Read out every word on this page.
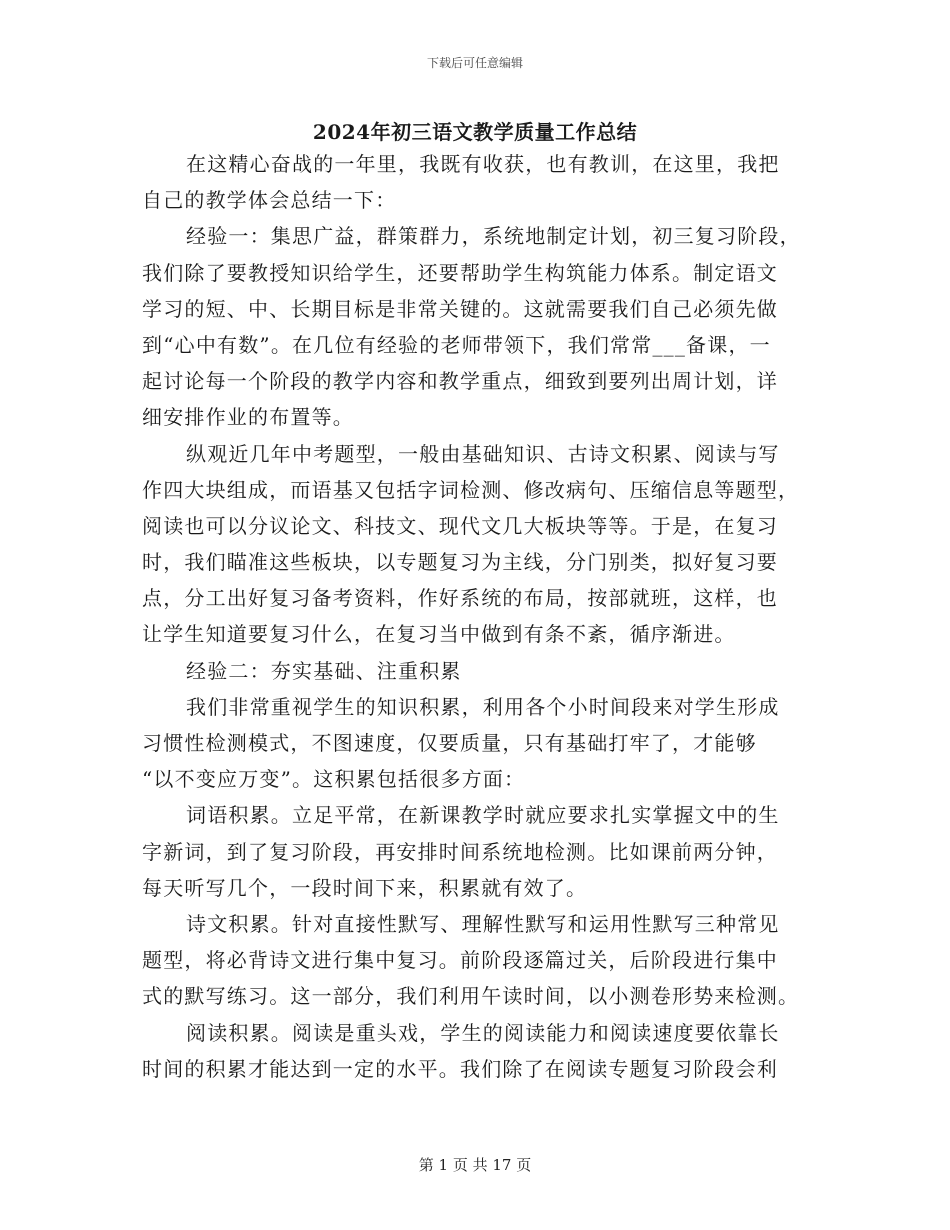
下载后可任意编辑
2024年初三语文教学质量工作总结
在这精心奋战的一年里，我既有收获，也有教训，在这里，我把
自己的教学体会总结一下：
经验一：集思广益，群策群力，系统地制定计划，初三复习阶段，
我们除了要教授知识给学生，还要帮助学生构筑能力体系。制定语文
学习的短、中、长期目标是非常关键的。这就需要我们自己必须先做
到“心中有数”。在几位有经验的老师带领下，我们常常___备课，一
起讨论每一个阶段的教学内容和教学重点，细致到要列出周计划，详
细安排作业的布置等。
纵观近几年中考题型，一般由基础知识、古诗文积累、阅读与写
作四大块组成，而语基又包括字词检测、修改病句、压缩信息等题型，
阅读也可以分议论文、科技文、现代文几大板块等等。于是，在复习
时，我们瞄准这些板块，以专题复习为主线，分门别类，拟好复习要
点，分工出好复习备考资料，作好系统的布局，按部就班，这样，也
让学生知道要复习什么，在复习当中做到有条不紊，循序渐进。
经验二：夯实基础、注重积累
我们非常重视学生的知识积累，利用各个小时间段来对学生形成
习惯性检测模式，不图速度，仅要质量，只有基础打牢了，才能够
“以不变应万变”。这积累包括很多方面：
词语积累。立足平常，在新课教学时就应要求扎实掌握文中的生
字新词，到了复习阶段，再安排时间系统地检测。比如课前两分钟，
每天听写几个，一段时间下来，积累就有效了。
诗文积累。针对直接性默写、理解性默写和运用性默写三种常见
题型，将必背诗文进行集中复习。前阶段逐篇过关，后阶段进行集中
式的默写练习。这一部分，我们利用午读时间，以小测卷形势来检测。
阅读积累。阅读是重头戏，学生的阅读能力和阅读速度要依靠长
时间的积累才能达到一定的水平。我们除了在阅读专题复习阶段会利
第 1 页 共 17 页
